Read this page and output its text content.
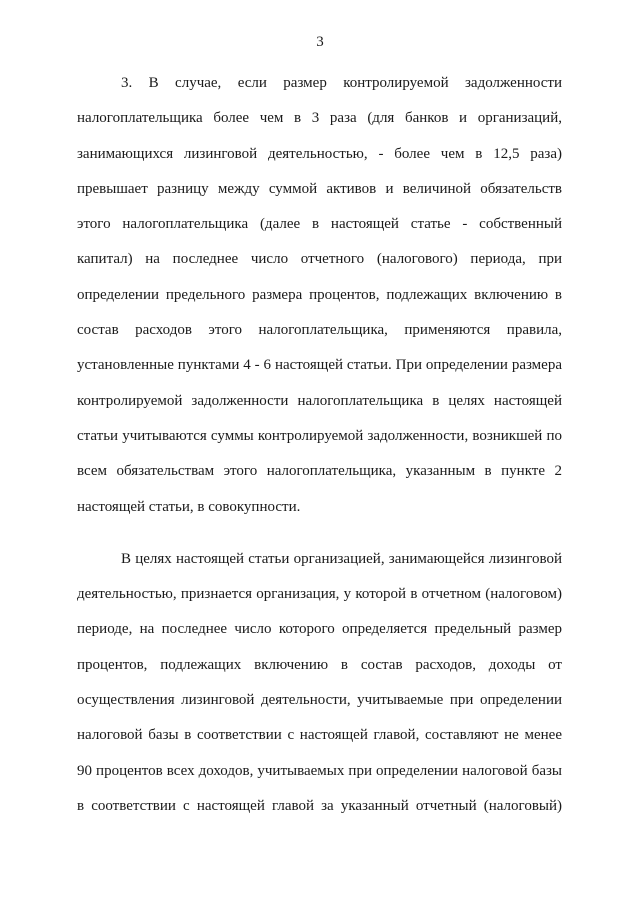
3

3.   В   случае,   если   размер   контролируемой   задолженности
налогоплательщика более чем в 3 раза (для банков и организаций,
занимающихся лизинговой деятельностью, - более чем в 12,5 раза)
превышает разницу между суммой активов и величиной обязательств
этого налогоплательщика (далее в настоящей статье - собственный
капитал) на последнее число отчетного (налогового) периода, при
определении предельного размера процентов, подлежащих включению в
состав расходов этого налогоплательщика, применяются правила,
установленные пунктами 4 - 6 настоящей статьи. При определении размера
контролируемой задолженности налогоплательщика в целях настоящей
статьи учитываются суммы контролируемой задолженности, возникшей по
всем обязательствам этого налогоплательщика, указанным в пункте 2
настоящей статьи, в совокупности.

В целях настоящей статьи организацией, занимающейся лизинговой
деятельностью, признается организация, у которой в отчетном (налоговом)
периоде, на последнее число которого определяется предельный размер
процентов, подлежащих включению в состав расходов, доходы от
осуществления лизинговой деятельности, учитываемые при определении
налоговой базы в соответствии с настоящей главой, составляют не менее
90 процентов всех доходов, учитываемых при определении налоговой базы
в соответствии с настоящей главой за указанный отчетный (налоговый)
